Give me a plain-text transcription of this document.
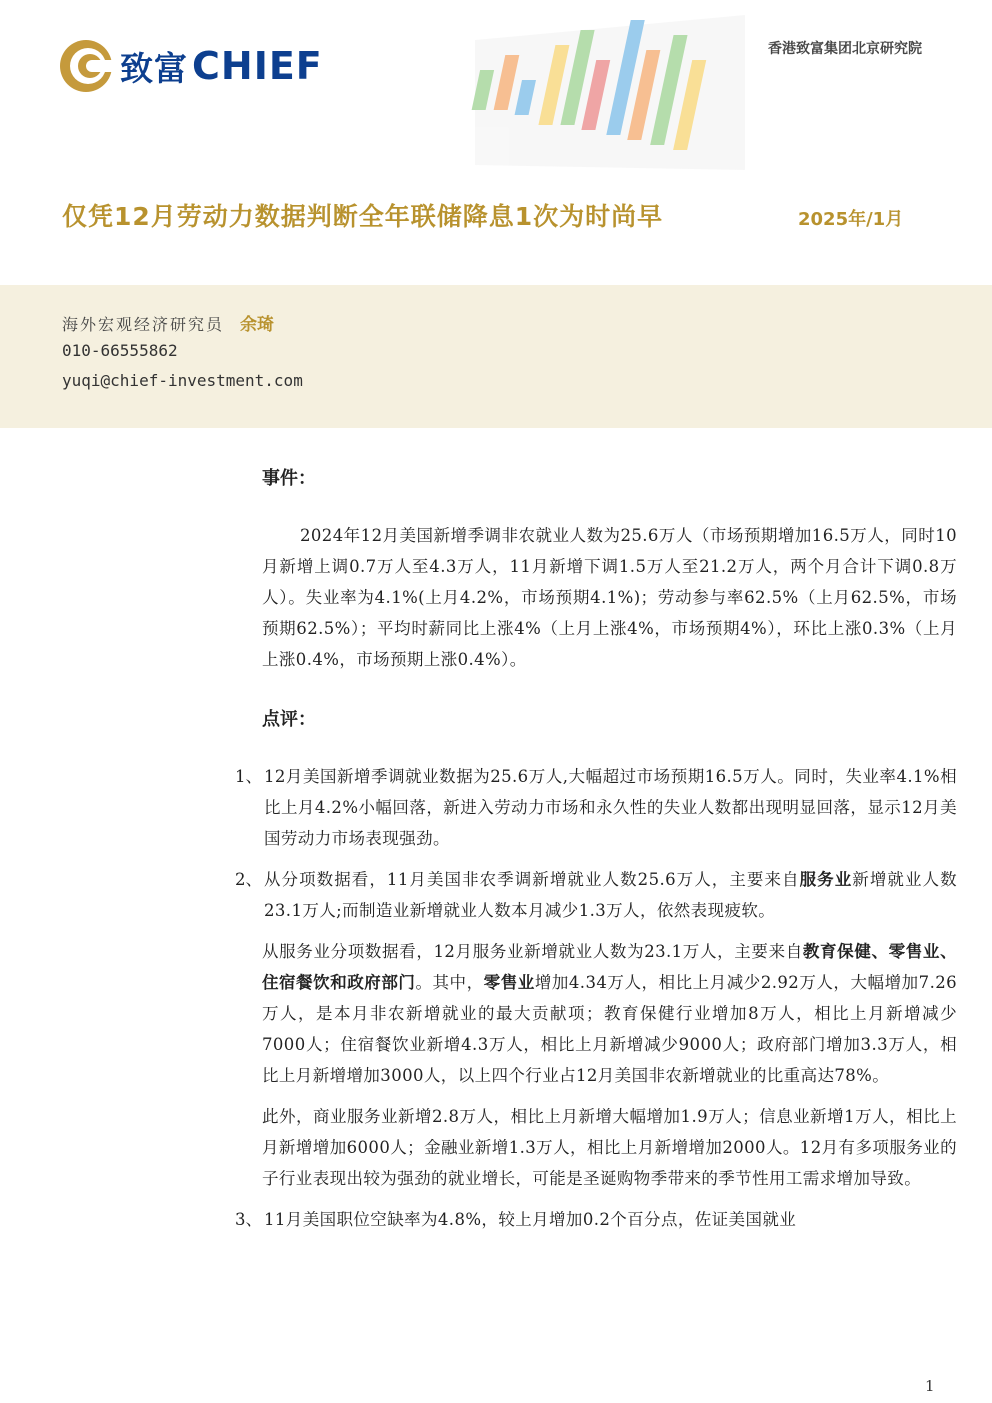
致富 CHIEF	香港致富集团北京研究院
仅凭12月劳动力数据判断全年联储降息1次为时尚早	2025年/1月
海外宏观经济研究员 余琦
010-66555862
yuqi@chief-investment.com
事件：

2024年12月美国新增季调非农就业人数为25.6万人（市场预期增加16.5万人，同时10月新增上调0.7万人至4.3万人，11月新增下调1.5万人至21.2万人，两个月合计下调0.8万人）。失业率为4.1%(上月4.2%，市场预期4.1%)；劳动参与率62.5%（上月62.5%，市场预期62.5%）；平均时薪同比上涨4%（上月上涨4%，市场预期4%），环比上涨0.3%（上月上涨0.4%，市场预期上涨0.4%）。

点评：
1、 12月美国新增季调就业数据为25.6万人,大幅超过市场预期16.5万人。同时，失业率4.1%相比上月4.2%小幅回落，新进入劳动力市场和永久性的失业人数都出现明显回落，显示12月美国劳动力市场表现强劲。

2、 从分项数据看，11月美国非农季调新增就业人数25.6万人，主要来自服务业新增就业人数23.1万人;而制造业新增就业人数本月减少1.3万人，依然表现疲软。

从服务业分项数据看，12月服务业新增就业人数为23.1万人，主要来自教育保健、零售业、住宿餐饮和政府部门。其中，零售业增加4.34万人，相比上月减少2.92万人，大幅增加7.26万人，是本月非农新增就业的最大贡献项；教育保健行业增加8万人，相比上月新增减少7000人；住宿餐饮业新增4.3万人，相比上月新增减少9000人；政府部门增加3.3万人，相比上月新增增加3000人，以上四个行业占12月美国非农新增就业的比重高达78%。

此外，商业服务业新增2.8万人，相比上月新增大幅增加1.9万人；信息业新增1万人，相比上月新增增加6000人；金融业新增1.3万人，相比上月新增增加2000人。12月有多项服务业的子行业表现出较为强劲的就业增长，可能是圣诞购物季带来的季节性用工需求增加导致。

3、 11月美国职位空缺率为4.8%，较上月增加0.2个百分点，佐证美国就业

1
